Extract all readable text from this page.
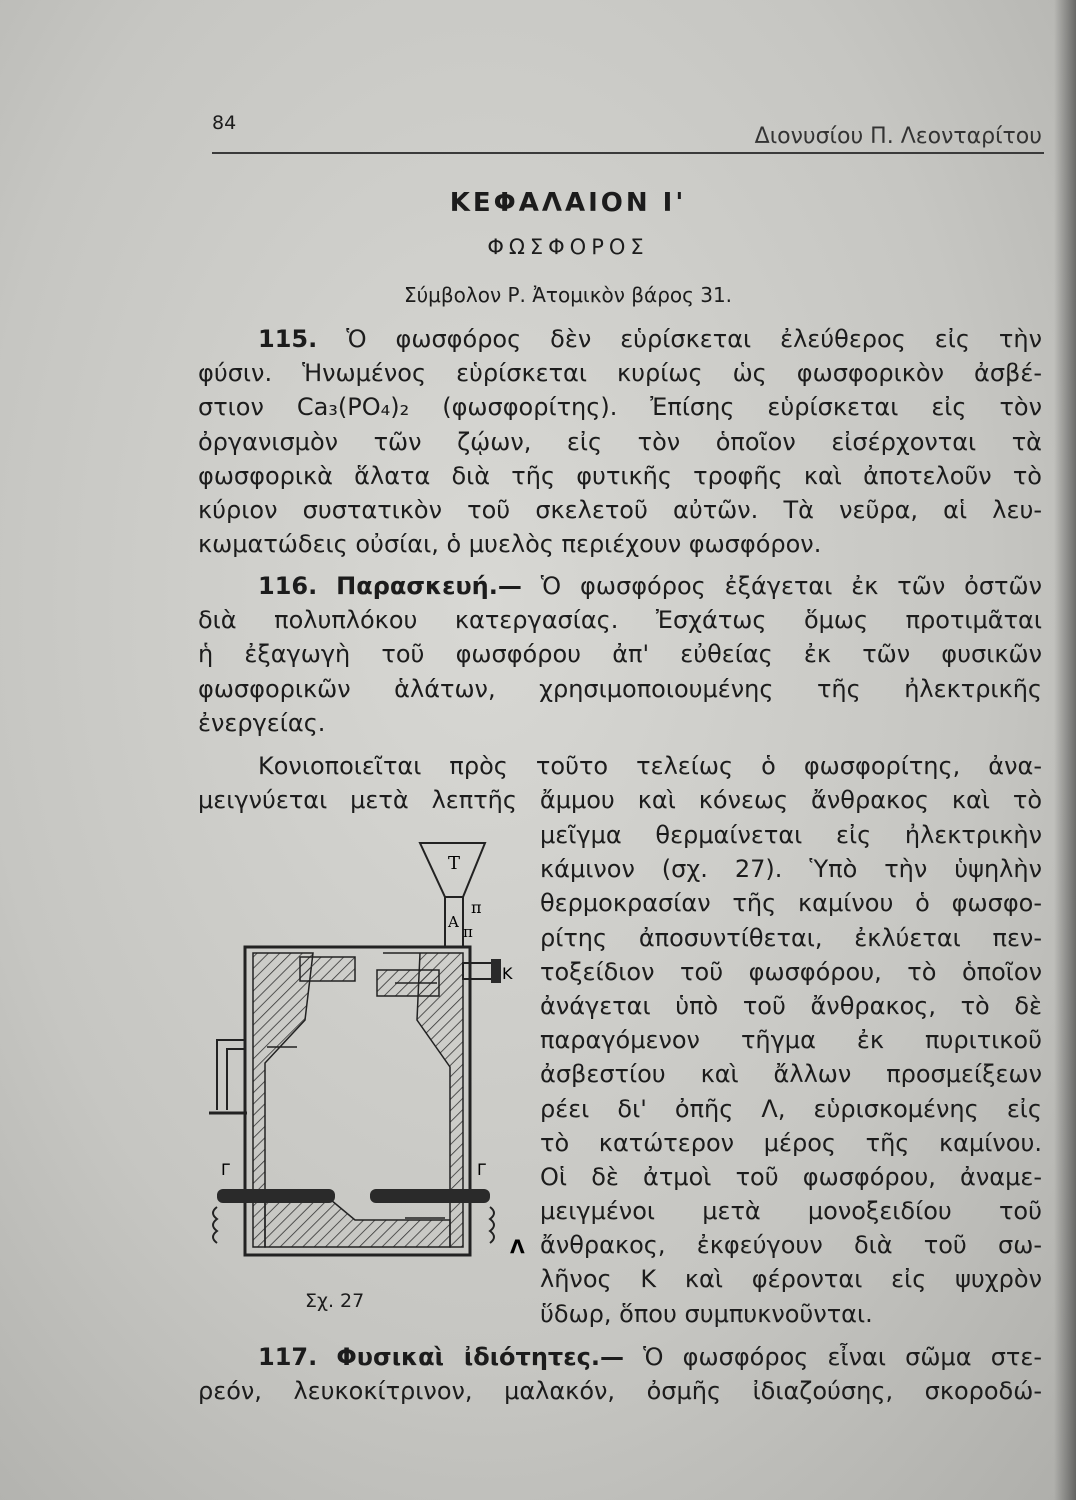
84
Διονυσίου Π. Λεονταρίτου
ΚΕΦΑΛΑΙΟΝ Ι'
ΦΩΣΦΟΡΟΣ
Σύμβολον Ρ. Ἀτομικὸν βάρος 31.
115. Ὁ φωσφόρος δὲν εὑρίσκεται ἐλεύθερος εἰς τὴν
φύσιν. Ἡνωμένος εὑρίσκεται κυρίως ὡς φωσφορικὸν ἀσβέ-
στιον Ca₃(PO₄)₂ (φωσφορίτης). Ἐπίσης εὑρίσκεται εἰς τὸν
ὀργανισμὸν τῶν ζῴων, εἰς τὸν ὁποῖον εἰσέρχονται τὰ
φωσφορικὰ ἅλατα διὰ τῆς φυτικῆς τροφῆς καὶ ἀποτελοῦν τὸ
κύριον συστατικὸν τοῦ σκελετοῦ αὐτῶν. Τὰ νεῦρα, αἱ λευ-
κωματώδεις οὐσίαι, ὁ μυελὸς περιέχουν φωσφόρον.
116. Παρασκευή.— Ὁ φωσφόρος ἐξάγεται ἐκ τῶν ὀστῶν
διὰ πολυπλόκου κατεργασίας. Ἐσχάτως ὅμως προτιμᾶται
ἡ ἐξαγωγὴ τοῦ φωσφόρου ἀπ' εὐθείας ἐκ τῶν φυσικῶν
φωσφορικῶν ἁλάτων, χρησιμοποιουμένης τῆς ἠλεκτρικῆς
ἐνεργείας.
Κονιοποιεῖται πρὸς τοῦτο τελείως ὁ φωσφορίτης, ἀνα-
μειγνύεται μετὰ λεπτῆς ἄμμου καὶ κόνεως ἄνθρακος καὶ τὸ
μεῖγμα θερμαίνεται εἰς ἠλεκτρικὴν
κάμινον (σχ. 27). Ὑπὸ τὴν ὑψηλὴν
θερμοκρασίαν τῆς καμίνου ὁ φωσφο-
ρίτης ἀποσυντίθεται, ἐκλύεται πεν-
τοξείδιον τοῦ φωσφόρου, τὸ ὁποῖον
ἀνάγεται ὑπὸ τοῦ ἄνθρακος, τὸ δὲ
παραγόμενον τῆγμα ἐκ πυριτικοῦ
ἀσβεστίου καὶ ἄλλων προσμείξεων
ρέει δι' ὀπῆς Λ, εὑρισκομένης εἰς
τὸ κατώτερον μέρος τῆς καμίνου.
Οἱ δὲ ἀτμοὶ τοῦ φωσφόρου, ἀναμε-
μειγμένοι μετὰ μονοξειδίου τοῦ
ἄνθρακος, ἐκφεύγουν διὰ τοῦ σω-
λῆνος Κ καὶ φέρονται εἰς ψυχρὸν
ὕδωρ, ὅπου συμπυκνοῦνται.
Τ
π
Α
π
Κ
Γ	Γ
Λ
Σχ. 27
117. Φυσικαὶ ἰδιότητες.— Ὁ φωσφόρος εἶναι σῶμα στε-
ρεόν, λευκοκίτρινον, μαλακόν, ὀσμῆς ἰδιαζούσης, σκοροδώ-
